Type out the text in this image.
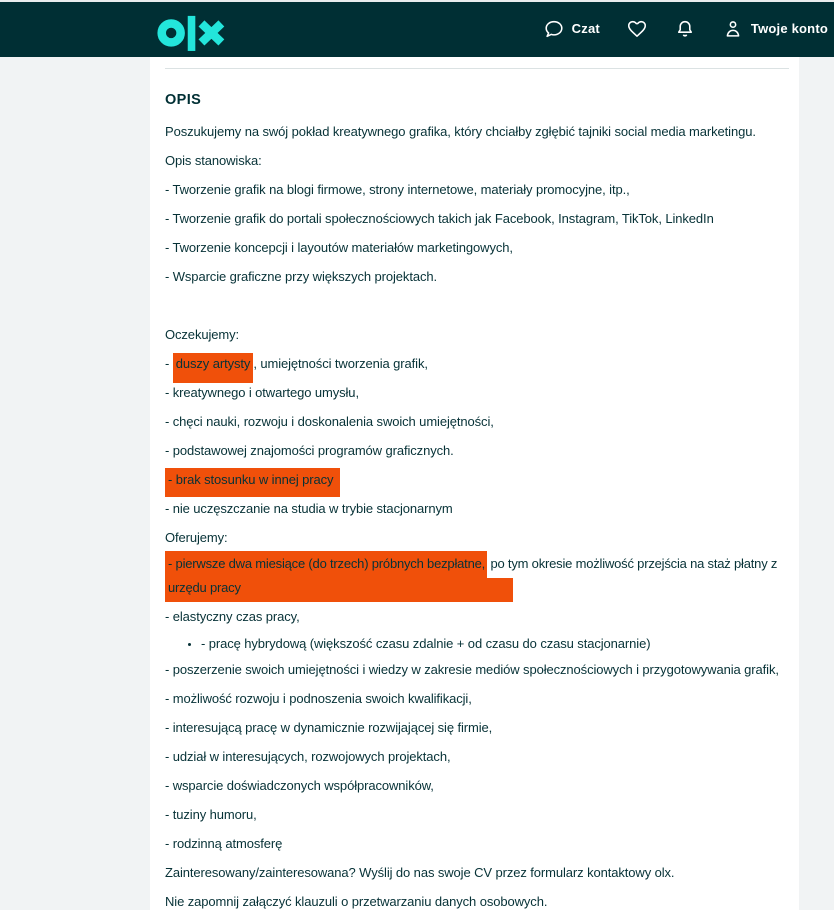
Czat	Twoje konto
OPIS

Poszukujemy na swój pokład kreatywnego grafika, który chciałby zgłębić tajniki social media marketingu.

Opis stanowiska:

- Tworzenie grafik na blogi firmowe, strony internetowe, materiały promocyjne, itp.,

- Tworzenie grafik do portali społecznościowych takich jak Facebook, Instagram, TikTok, LinkedIn

- Tworzenie koncepcji i layoutów materiałów marketingowych,

- Wsparcie graficzne przy większych projektach.

Oczekujemy:

- duszy artysty , umiejętności tworzenia grafik,

- kreatywnego i otwartego umysłu,

- chęci nauki, rozwoju i doskonalenia swoich umiejętności,

- podstawowej znajomości programów graficznych.

- brak stosunku w innej pracy

- nie uczęszczanie na studia w trybie stacjonarnym

Oferujemy:

- pierwsze dwa miesiące (do trzech) próbnych bezpłatne, po tym okresie możliwość przejścia na staż płatny z
urzędu pracy

- elastyczny czas pracy,

• - pracę hybrydową (większość czasu zdalnie + od czasu do czasu stacjonarnie)

- poszerzenie swoich umiejętności i wiedzy w zakresie mediów społecznościowych i przygotowywania grafik,

- możliwość rozwoju i podnoszenia swoich kwalifikacji,

- interesującą pracę w dynamicznie rozwijającej się firmie,

- udział w interesujących, rozwojowych projektach,

- wsparcie doświadczonych współpracowników,

- tuziny humoru,

- rodzinną atmosferę

Zainteresowany/zainteresowana? Wyślij do nas swoje CV przez formularz kontaktowy olx.

Nie zapomnij załączyć klauzuli o przetwarzaniu danych osobowych.
